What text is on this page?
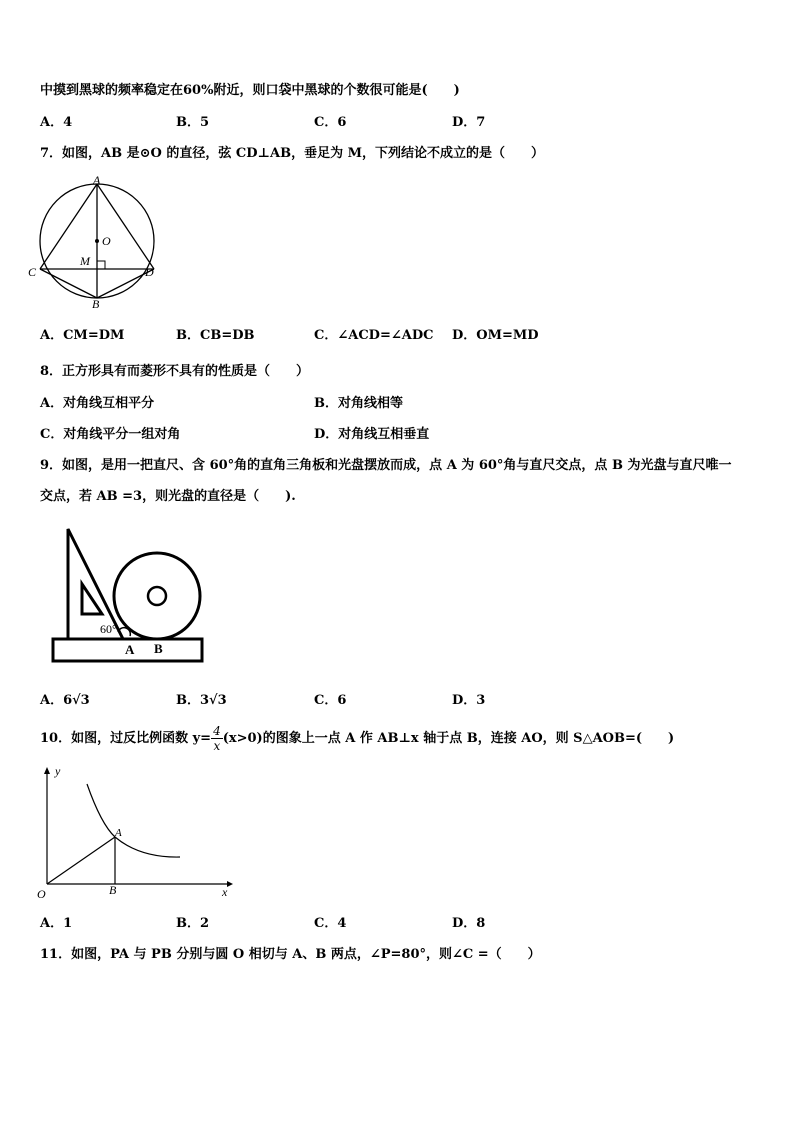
中摸到黑球的频率稳定在60%附近，则口袋中黑球的个数很可能是(　　)
A．4	B．5	C．6	D．7
7．如图，AB 是⊙O 的直径，弦 CD⊥AB，垂足为 M，下列结论不成立的是（　　）
A
O
M
C	D
B
A．CM=DM	B．CB=DB	C．∠ACD=∠ADC D．OM=MD
8．正方形具有而菱形不具有的性质是（　　）
A．对角线互相平分	B．对角线相等
C．对角线平分一组对角	D．对角线互相垂直
9．如图，是用一把直尺、含 60°角的直角三角板和光盘摆放而成，点 A 为 60°角与直尺交点，点 B 为光盘与直尺唯一
交点，若 AB =3，则光盘的直径是（　　).
60°
A B
A．6√3	B．3√3	C．6	D．3
10．如图，过反比例函数 $y= \frac{4}{x} (x>0)$的图象上一点 A 作 AB⊥x 轴于点 B，连接 AO，则 S△AOB=(　　)
y
x
O
A
B
A．1	B．2	C．4	D．8
11．如图，PA 与 PB 分别与圆 O 相切与 A、B 两点，∠P=80°，则∠C =（　　）
